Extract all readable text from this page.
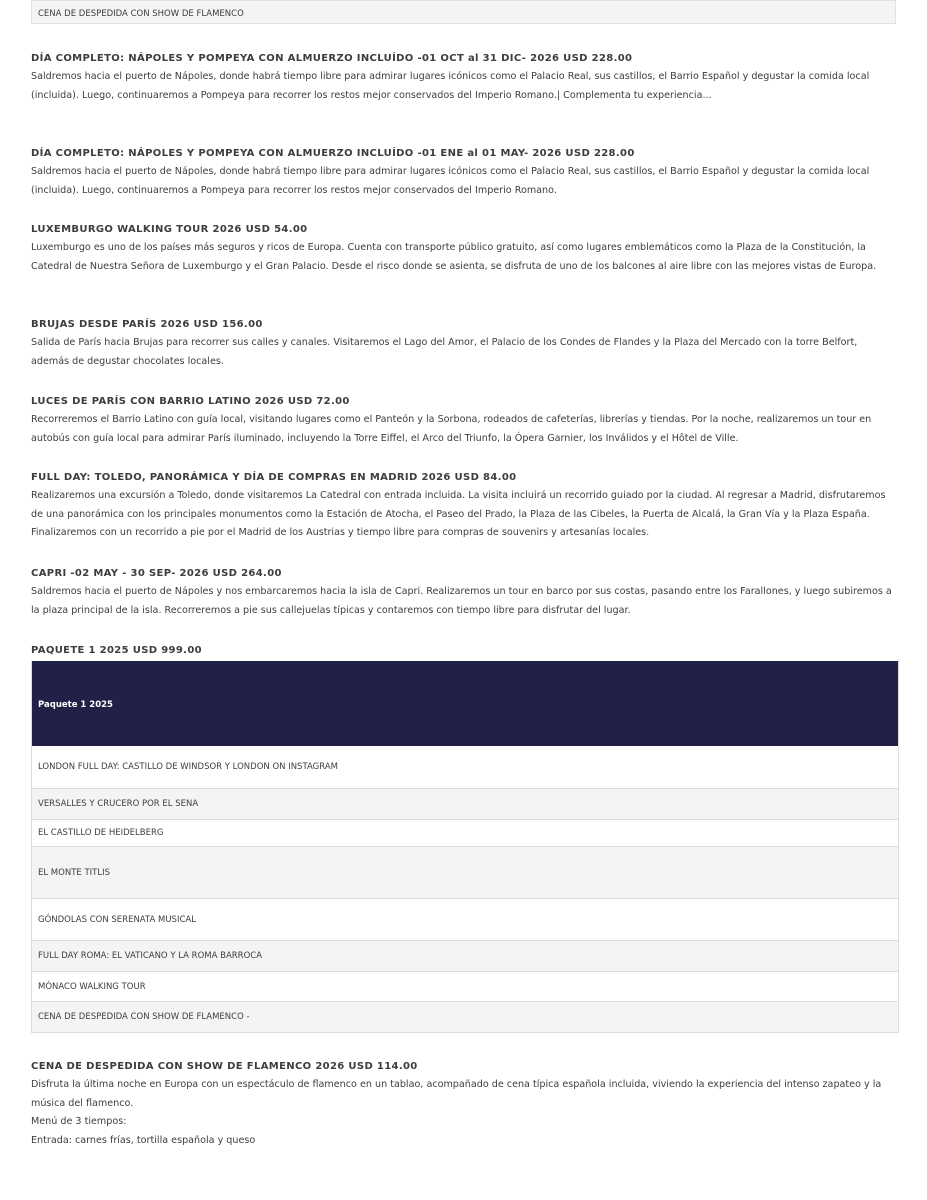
CENA DE DESPEDIDA CON SHOW DE FLAMENCO

DÍA COMPLETO: NÁPOLES Y POMPEYA CON ALMUERZO INCLUÍDO -01 OCT al 31 DIC- 2026 USD 228.00

Saldremos hacia el puerto de Nápoles, donde habrá tiempo libre para admirar lugares icónicos como el Palacio Real, sus castillos, el Barrio Español y degustar la comida local (incluida). Luego, continuaremos a Pompeya para recorrer los restos mejor conservados del Imperio Romano.| Complementa tu experiencia...

DÍA COMPLETO: NÁPOLES Y POMPEYA CON ALMUERZO INCLUÍDO -01 ENE al 01 MAY- 2026 USD 228.00

Saldremos hacia el puerto de Nápoles, donde habrá tiempo libre para admirar lugares icónicos como el Palacio Real, sus castillos, el Barrio Español y degustar la comida local (incluida). Luego, continuaremos a Pompeya para recorrer los restos mejor conservados del Imperio Romano.

LUXEMBURGO WALKING TOUR 2026 USD 54.00

Luxemburgo es uno de los países más seguros y ricos de Europa. Cuenta con transporte público gratuito, así como lugares emblemáticos como la Plaza de la Constitución, la Catedral de Nuestra Señora de Luxemburgo y el Gran Palacio. Desde el risco donde se asienta, se disfruta de uno de los balcones al aire libre con las mejores vistas de Europa.

BRUJAS DESDE PARÍS 2026 USD 156.00

Salida de París hacia Brujas para recorrer sus calles y canales. Visitaremos el Lago del Amor, el Palacio de los Condes de Flandes y la Plaza del Mercado con la torre Belfort, además de degustar chocolates locales.

LUCES DE PARÍS CON BARRIO LATINO 2026 USD 72.00

Recorreremos el Barrio Latino con guía local, visitando lugares como el Panteón y la Sorbona, rodeados de cafeterías, librerías y tiendas. Por la noche, realizaremos un tour en autobús con guía local para admirar París iluminado, incluyendo la Torre Eiffel, el Arco del Triunfo, la Ópera Garnier, los Inválidos y el Hôtel de Ville.

FULL DAY: TOLEDO, PANORÁMICA Y DÍA DE COMPRAS EN MADRID 2026 USD 84.00

Realizaremos una excursión a Toledo, donde visitaremos La Catedral con entrada incluida. La visita incluirá un recorrido guiado por la ciudad. Al regresar a Madrid, disfrutaremos de una panorámica con los principales monumentos como la Estación de Atocha, el Paseo del Prado, la Plaza de las Cibeles, la Puerta de Alcalá, la Gran Vía y la Plaza España. Finalizaremos con un recorrido a pie por el Madrid de los Austrias y tiempo libre para compras de souvenirs y artesanías locales.

CAPRI -02 MAY - 30 SEP- 2026 USD 264.00

Saldremos hacia el puerto de Nápoles y nos embarcaremos hacia la isla de Capri. Realizaremos un tour en barco por sus costas, pasando entre los Farallones, y luego subiremos a la plaza principal de la isla. Recorreremos a pie sus callejuelas típicas y contaremos con tiempo libre para disfrutar del lugar.

PAQUETE 1 2025 USD 999.00

Paquete 1 2025
LONDON FULL DAY: CASTILLO DE WINDSOR Y LONDON ON INSTAGRAM
VERSALLES Y CRUCERO POR EL SENA
EL CASTILLO DE HEIDELBERG
EL MONTE TITLIS
GÓNDOLAS CON SERENATA MUSICAL
FULL DAY ROMA: EL VATICANO Y LA ROMA BARROCA
MÓNACO WALKING TOUR
CENA DE DESPEDIDA CON SHOW DE FLAMENCO -

CENA DE DESPEDIDA CON SHOW DE FLAMENCO 2026 USD 114.00

Disfruta la última noche en Europa con un espectáculo de flamenco en un tablao, acompañado de cena típica española incluida, viviendo la experiencia del intenso zapateo y la música del flamenco.

Menú de 3 tiempos:

Entrada: carnes frías, tortilla española y queso
